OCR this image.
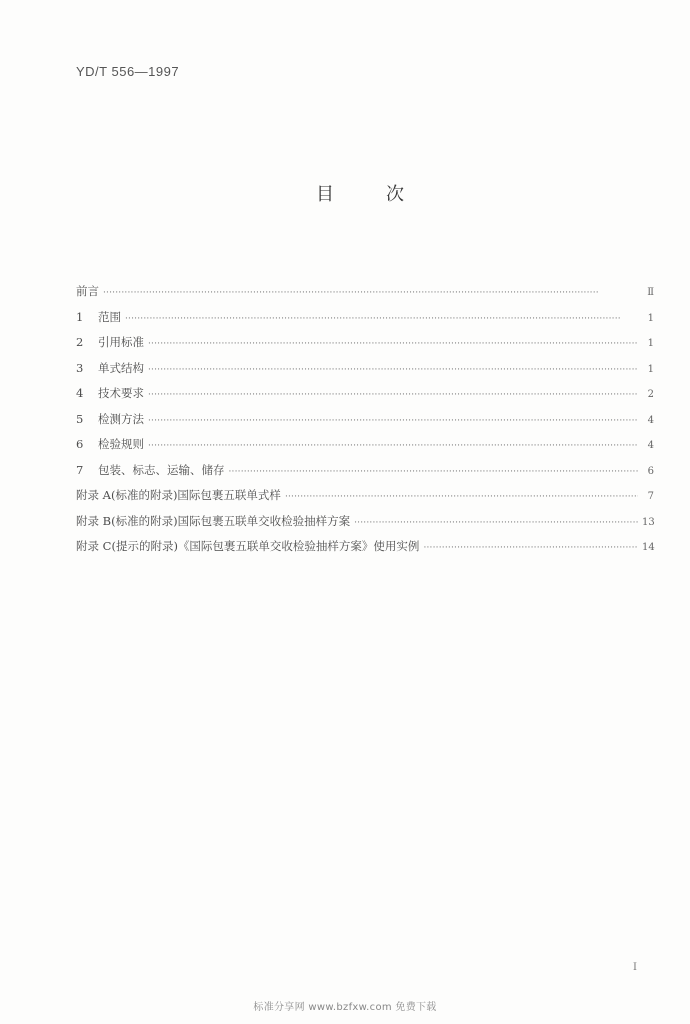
YD/T 556—1997
目	次
前言 ·····	Ⅱ
1	范围 ·····	1
2	引用标准 ·····	1
3	单式结构 ·····	1
4	技术要求 ·····	2
5	检测方法 ·····	4
6	检验规则 ·····	4
7	包装、标志、运输、储存 ·····	6
附录 A(标准的附录)国际包裹五联单式样 ·····	7
附录 B(标准的附录)国际包裹五联单交收检验抽样方案 ·····	13
附录 C(提示的附录)《国际包裹五联单交收检验抽样方案》使用实例 ·····	14
I
标准分享网 www.bzfxw.com 免费下载
